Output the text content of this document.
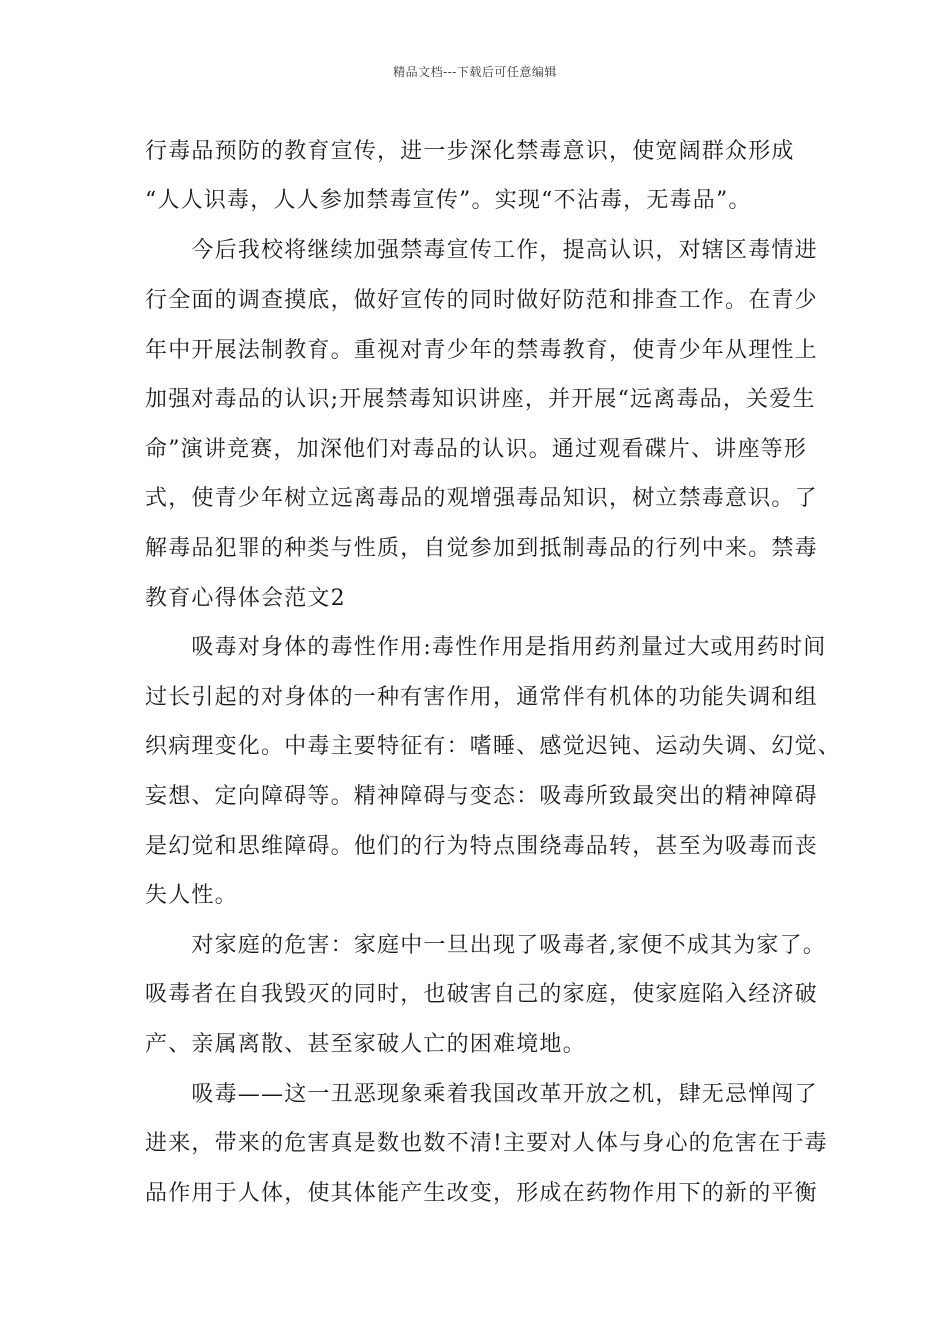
精品文档---下载后可任意编辑
行毒品预防的教育宣传，进一步深化禁毒意识，使宽阔群众形成
“人人识毒，人人参加禁毒宣传”。实现“不沾毒，无毒品”。
　　今后我校将继续加强禁毒宣传工作，提高认识，对辖区毒情进
行全面的调查摸底，做好宣传的同时做好防范和排查工作。在青少
年中开展法制教育。重视对青少年的禁毒教育，使青少年从理性上
加强对毒品的认识;开展禁毒知识讲座，并开展“远离毒品，关爱生
命”演讲竞赛，加深他们对毒品的认识。通过观看碟片、讲座等形
式，使青少年树立远离毒品的观增强毒品知识，树立禁毒意识。了
解毒品犯罪的种类与性质，自觉参加到抵制毒品的行列中来。禁毒
教育心得体会范文2
　　吸毒对身体的毒性作用:毒性作用是指用药剂量过大或用药时间
过长引起的对身体的一种有害作用，通常伴有机体的功能失调和组
织病理变化。中毒主要特征有：嗜睡、感觉迟钝、运动失调、幻觉、
妄想、定向障碍等。精神障碍与变态：吸毒所致最突出的精神障碍
是幻觉和思维障碍。他们的行为特点围绕毒品转，甚至为吸毒而丧
失人性。
　　对家庭的危害：家庭中一旦出现了吸毒者,家便不成其为家了。
吸毒者在自我毁灭的同时，也破害自己的家庭，使家庭陷入经济破
产、亲属离散、甚至家破人亡的困难境地。
　　吸毒——这一丑恶现象乘着我国改革开放之机，肆无忌惮闯了
进来，带来的危害真是数也数不清!主要对人体与身心的危害在于毒
品作用于人体，使其体能产生改变，形成在药物作用下的新的平衡
